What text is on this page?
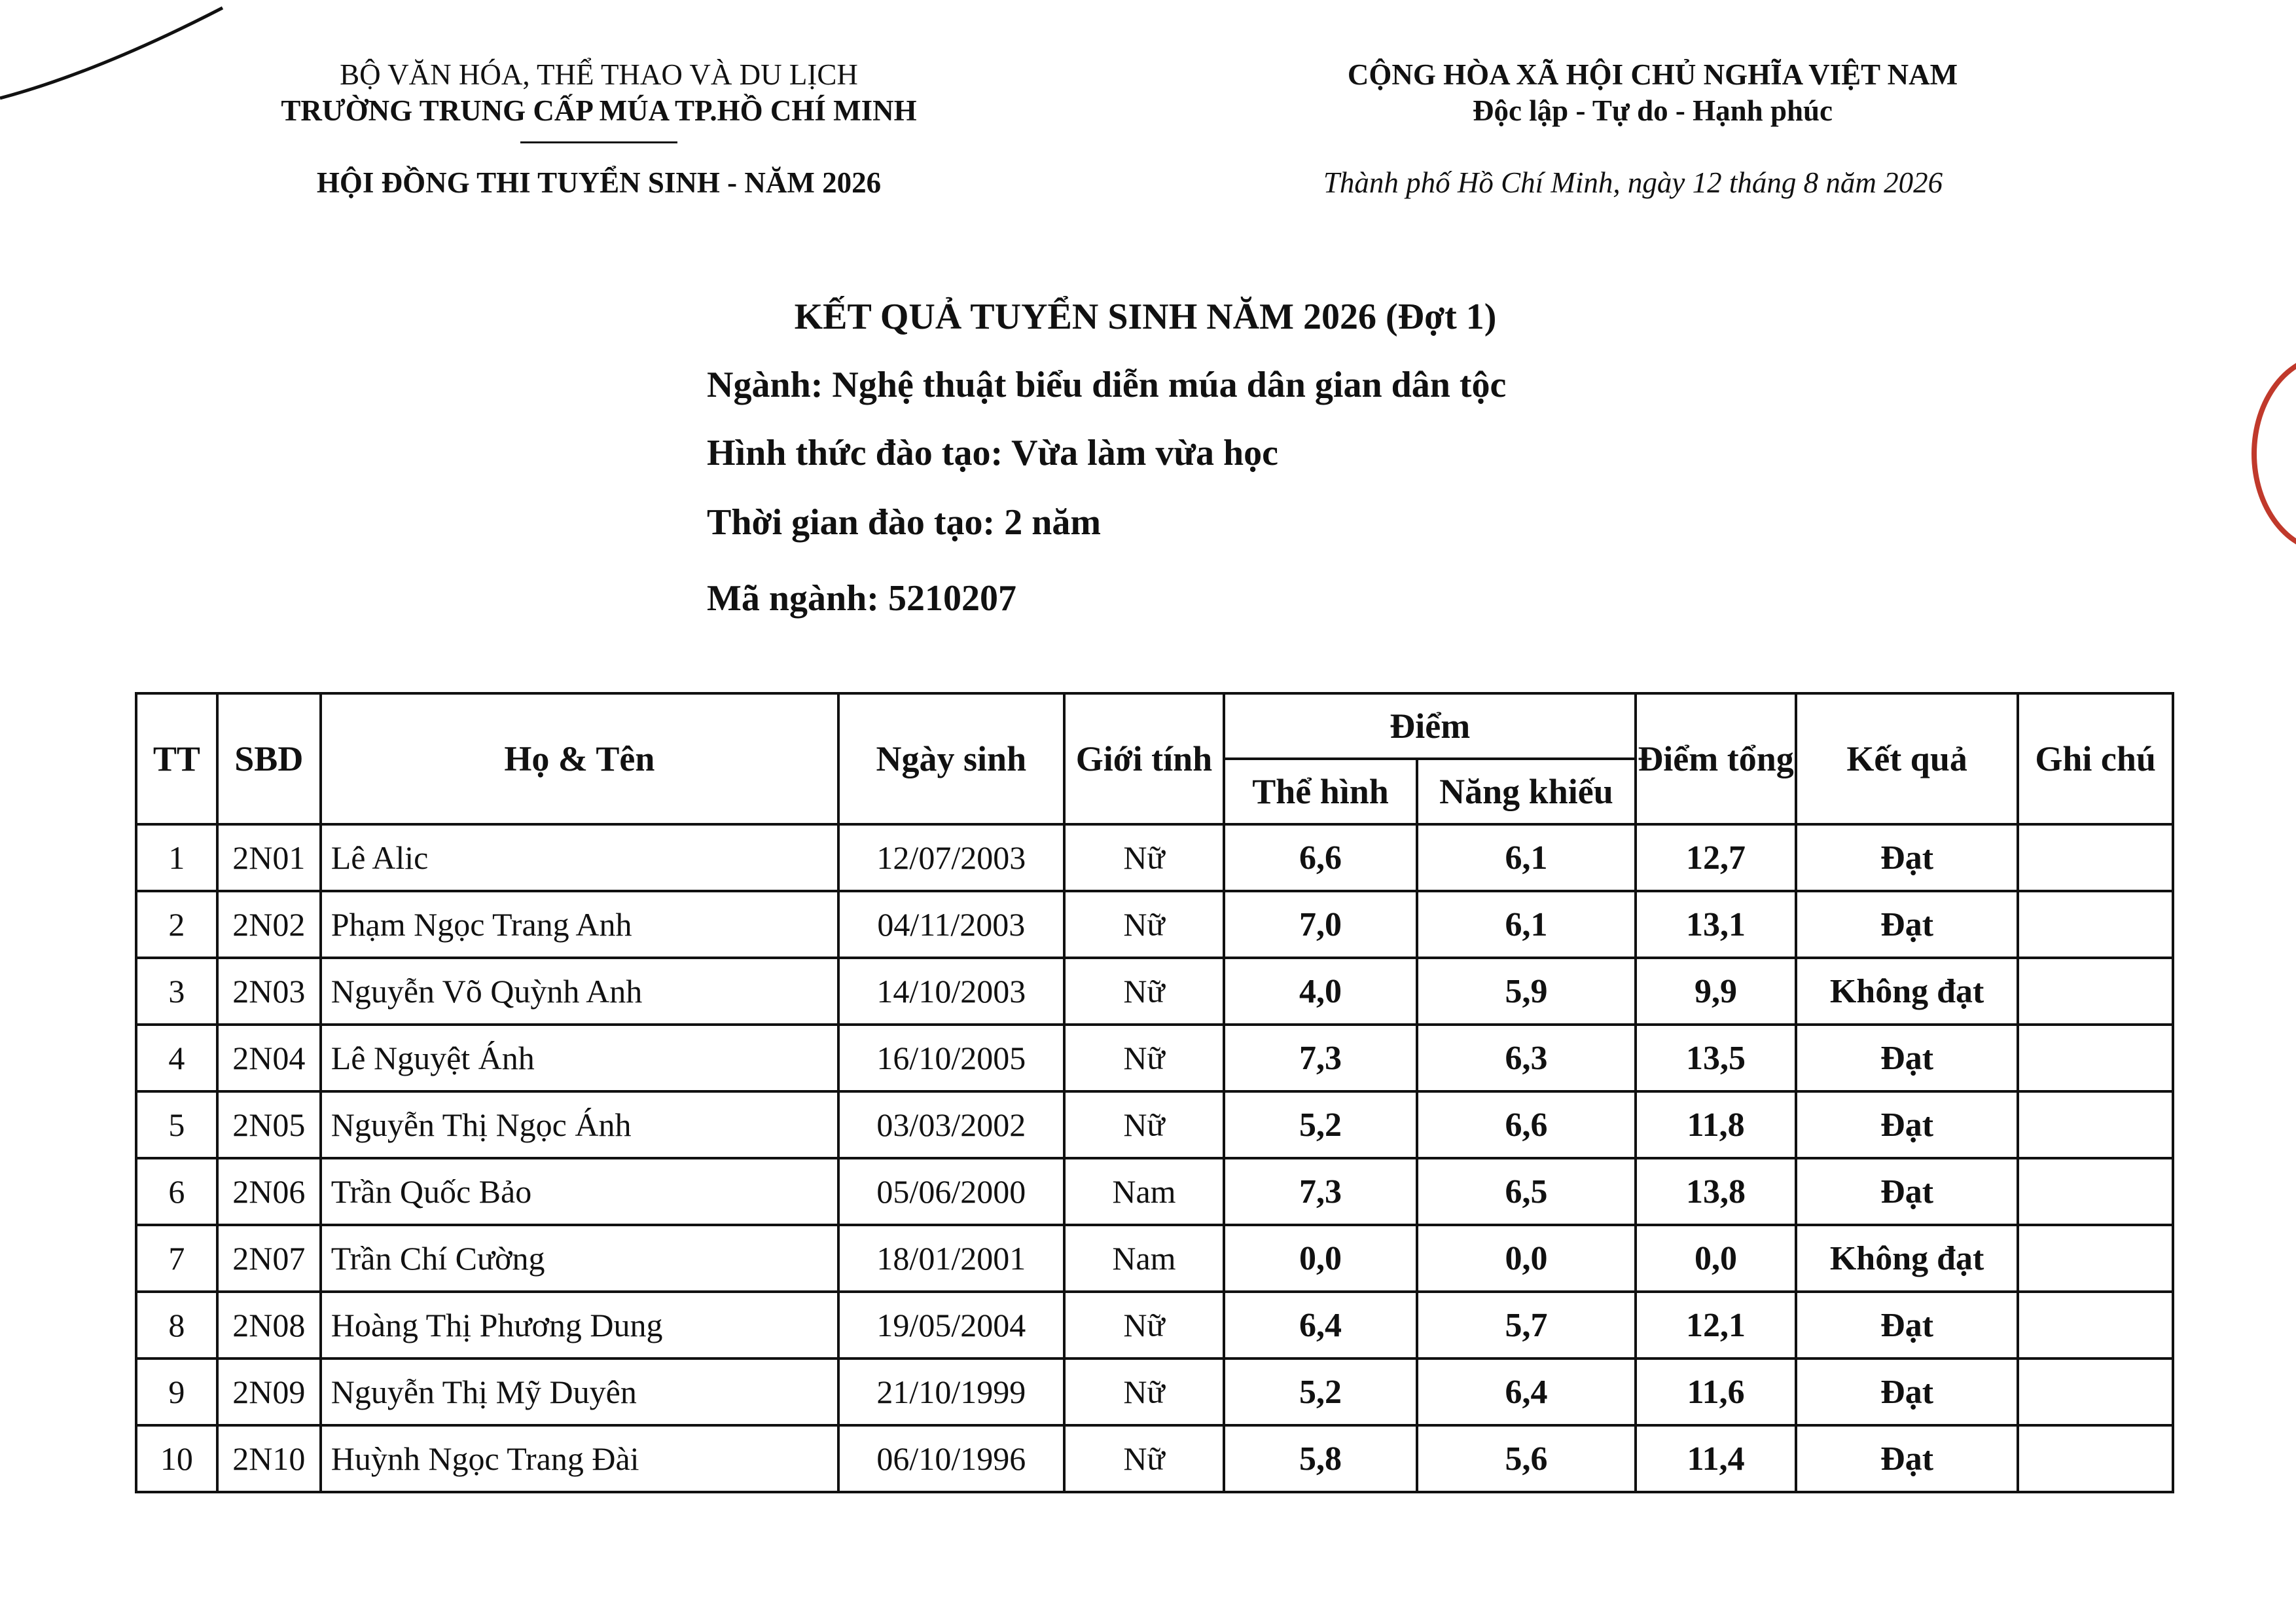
BỘ VĂN HÓA, THỂ THAO VÀ DU LỊCH
TRƯỜNG TRUNG CẤP MÚA TP.HỒ CHÍ MINH
HỘI ĐỒNG THI TUYỂN SINH - NĂM 2026
CỘNG HÒA XÃ HỘI CHỦ NGHĨA VIỆT NAM
Độc lập - Tự do - Hạnh phúc
Thành phố Hồ Chí Minh, ngày 12 tháng 8 năm 2026
KẾT QUẢ TUYỂN SINH NĂM 2026 (Đợt 1)
Ngành: Nghệ thuật biểu diễn múa dân gian dân tộc
Hình thức đào tạo: Vừa làm vừa học
Thời gian đào tạo: 2 năm
Mã ngành: 5210207
TT	SBD	Họ & Tên	Ngày sinh	Giới tính	Điểm		Điểm tổng	Kết quả	Ghi chú
					Thể hình	Năng khiếu			
1	2N01	Lê Alic	12/07/2003	Nữ	6,6	6,1	12,7	Đạt	
2	2N02	Phạm Ngọc Trang Anh	04/11/2003	Nữ	7,0	6,1	13,1	Đạt	
3	2N03	Nguyễn Võ Quỳnh Anh	14/10/2003	Nữ	4,0	5,9	9,9	Không đạt	
4	2N04	Lê Nguyệt Ánh	16/10/2005	Nữ	7,3	6,3	13,5	Đạt	
5	2N05	Nguyễn Thị Ngọc Ánh	03/03/2002	Nữ	5,2	6,6	11,8	Đạt	
6	2N06	Trần Quốc Bảo	05/06/2000	Nam	7,3	6,5	13,8	Đạt	
7	2N07	Trần Chí Cường	18/01/2001	Nam	0,0	0,0	0,0	Không đạt	
8	2N08	Hoàng Thị Phương Dung	19/05/2004	Nữ	6,4	5,7	12,1	Đạt	
9	2N09	Nguyễn Thị Mỹ Duyên	21/10/1999	Nữ	5,2	6,4	11,6	Đạt	
10	2N10	Huỳnh Ngọc Trang Đài	06/10/1996	Nữ	5,8	5,6	11,4	Đạt	
